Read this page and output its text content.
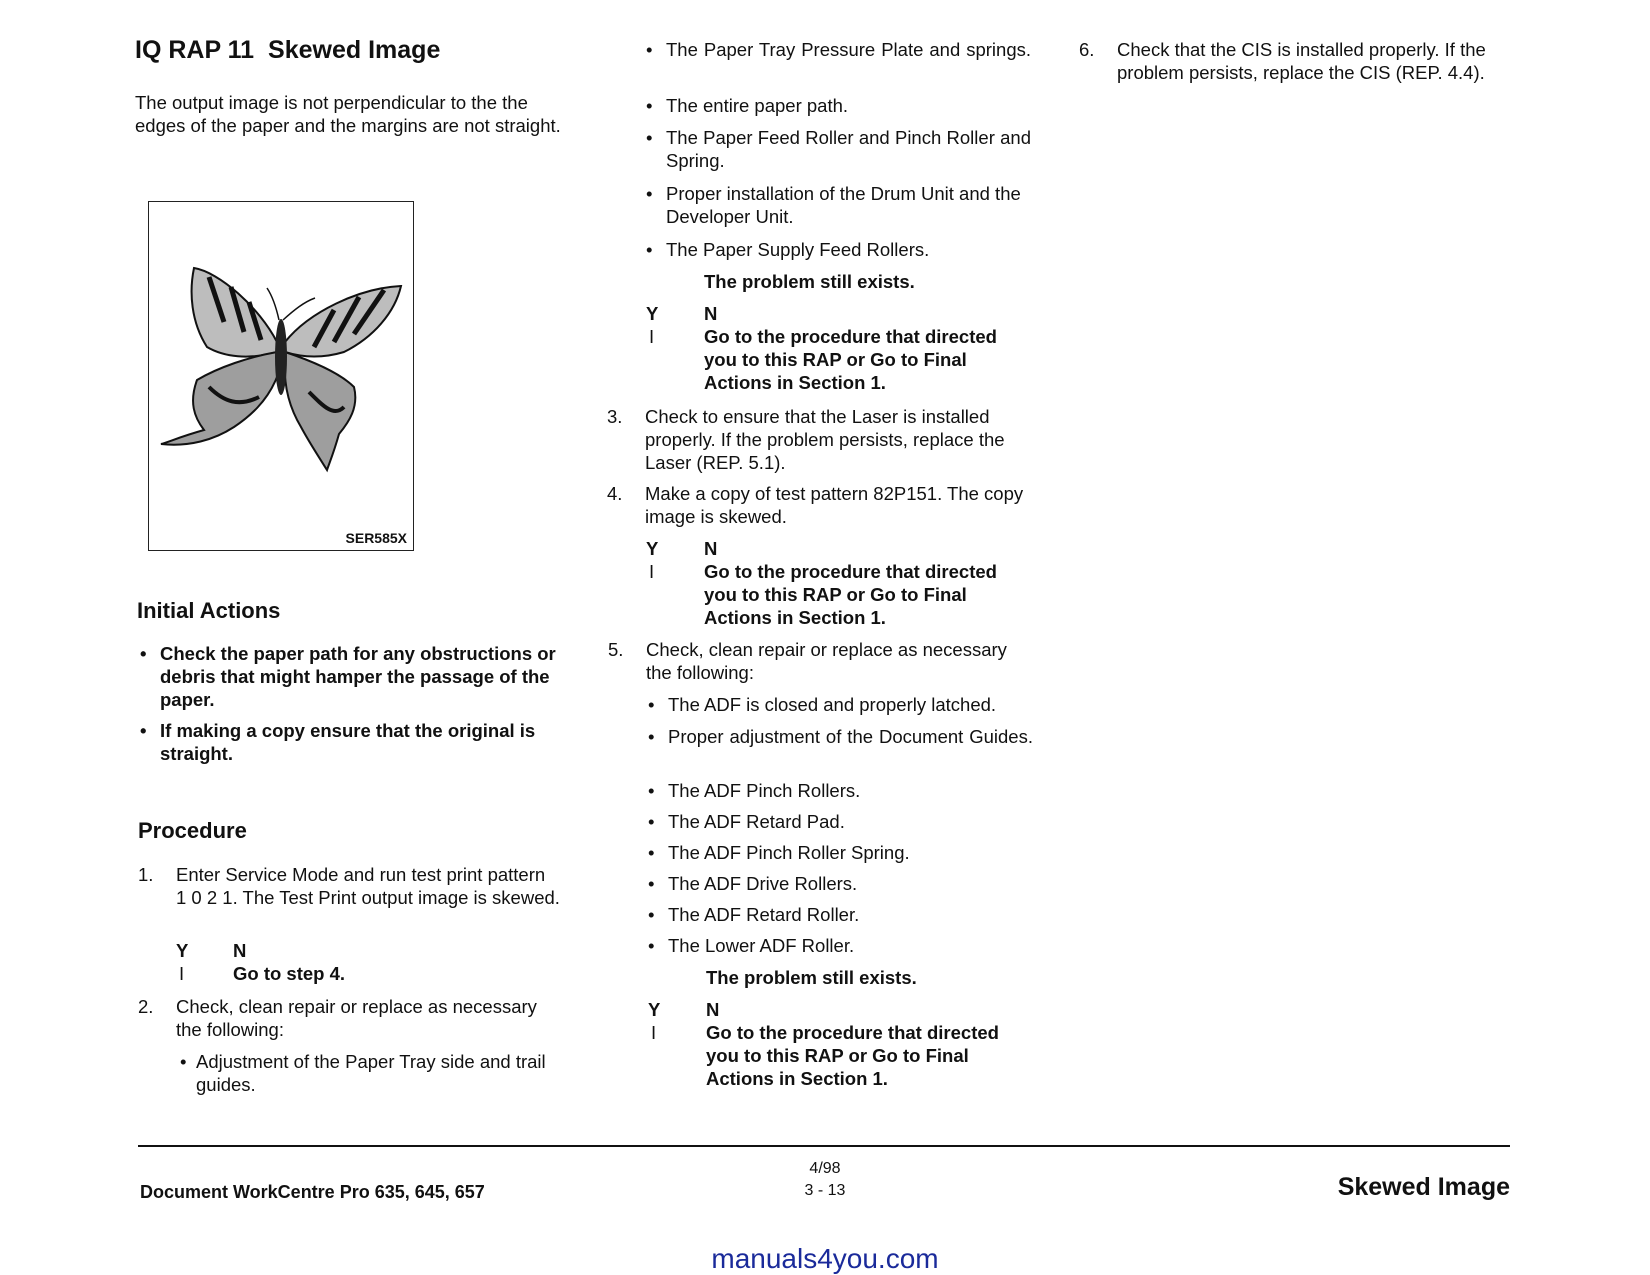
IQ RAP 11 Skewed Image
The output image is not perpendicular to the the edges of the paper and the margins are not straight.
SER585X
Initial Actions
• Check the paper path for any obstructions or debris that might hamper the passage of the paper.
• If making a copy ensure that the original is straight.
Procedure
1. Enter Service Mode and run test print pattern
1 0 2 1. The Test Print output image is skewed.
Y N
I	Go to step 4.
2. Check, clean repair or replace as necessary the following:
• Adjustment of the Paper Tray side and trail guides.
• The Paper Tray Pressure Plate and springs.
• The entire paper path.
• The Paper Feed Roller and Pinch Roller and Spring.
• Proper installation of the Drum Unit and the Developer Unit.
• The Paper Supply Feed Rollers.
The problem still exists.
Y N
I	Go to the procedure that directed you to this RAP or Go to Final Actions in Section 1.
3. Check to ensure that the Laser is installed properly. If the problem persists, replace the Laser (REP. 5.1).
4. Make a copy of test pattern 82P151. The copy image is skewed.
Y N
I	Go to the procedure that directed you to this RAP or Go to Final Actions in Section 1.
5. Check, clean repair or replace as necessary the following:
• The ADF is closed and properly latched.
• Proper adjustment of the Document Guides.
• The ADF Pinch Rollers.
• The ADF Retard Pad.
• The ADF Pinch Roller Spring.
• The ADF Drive Rollers.
• The ADF Retard Roller.
• The Lower ADF Roller.
The problem still exists.
Y N
I	Go to the procedure that directed you to this RAP or Go to Final Actions in Section 1.
6. Check that the CIS is installed properly. If the problem persists, replace the CIS (REP. 4.4).
Document WorkCentre Pro 635, 645, 657
4/98
3 - 13	Skewed Image
manuals4you.com
